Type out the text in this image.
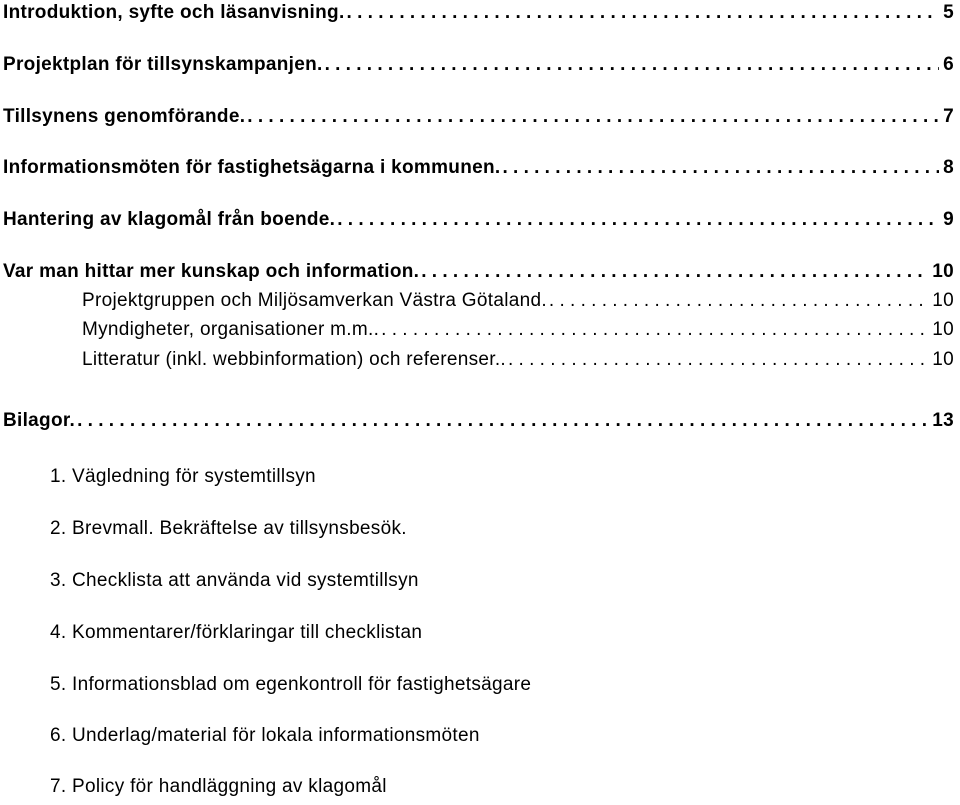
Introduktion, syfte och läsanvisning. . . .	5
Projektplan för tillsynskampanjen. . . .	6
Tillsynens genomförande. . . .	7
Informationsmöten för fastighetsägarna i kommunen. . . .	8
Hantering av klagomål från boende. . . .	9
Var man hittar mer kunskap och information. . . .	10
Projektgruppen och Miljösamverkan Västra Götaland. . . .	10
Myndigheter, organisationer m.m.. . . .	10
Litteratur (inkl. webbinformation) och referenser.. . . .	10
Bilagor. . . .	13
1. Vägledning för systemtillsyn
2. Brevmall. Bekräftelse av tillsynsbesök.
3. Checklista att använda vid systemtillsyn
4. Kommentarer/förklaringar till checklistan
5. Informationsblad om egenkontroll för fastighetsägare
6. Underlag/material för lokala informationsmöten
7. Policy för handläggning av klagomål
